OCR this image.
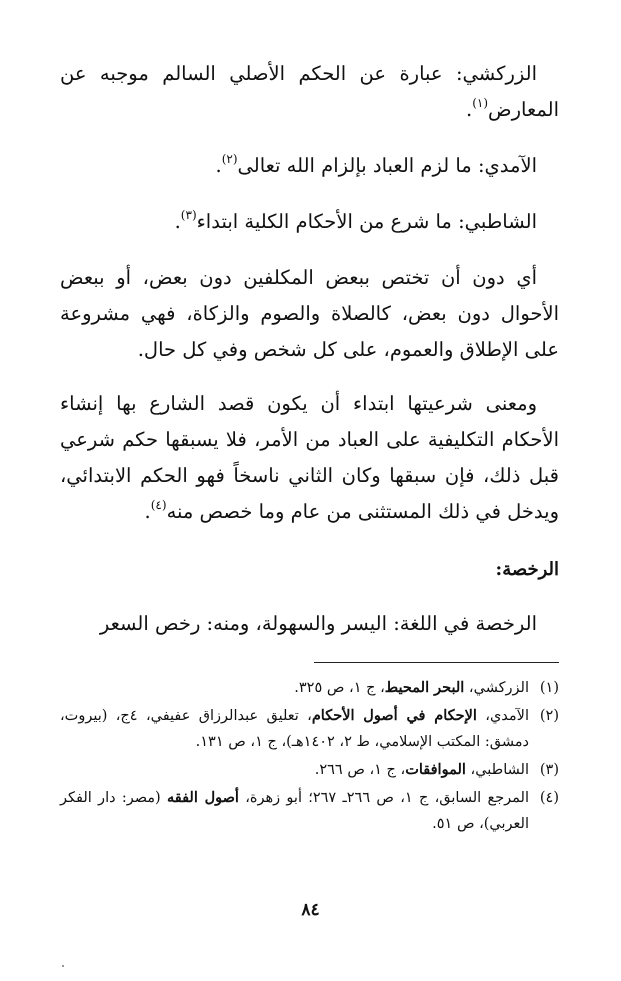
الزركشي: عبارة عن الحكم الأصلي السالم موجبه عن المعارض$^{(١)}$.

الآمدي: ما لزم العباد بإلزام الله تعالى$^{(٢)}$.

الشاطبي: ما شرع من الأحكام الكلية ابتداء$^{(٣)}$.

أي دون أن تختص ببعض المكلفين دون بعض، أو ببعض الأحوال دون بعض، كالصلاة والصوم والزكاة، فهي مشروعة على الإطلاق والعموم، على كل شخص وفي كل حال.

ومعنى شرعيتها ابتداء أن يكون قصد الشارع بها إنشاء الأحكام التكليفية على العباد من الأمر، فلا يسبقها حكم شرعي قبل ذلك، فإن سبقها وكان الثاني ناسخاً فهو الحكم الابتدائي، ويدخل في ذلك المستثنى من عام وما خصص منه$^{(٤)}$.

الرخصة:

الرخصة في اللغة: اليسر والسهولة، ومنه: رخص السعر

(١)
الزركشي، البحر المحيط، ج ١، ص ٣٢٥.
(٢)
الآمدي، الإحكام في أصول الأحكام، تعليق عبدالرزاق عفيفي، ٤ج، (بيروت، دمشق: المكتب الإسلامي، ط ٢، ١٤٠٢هـ)، ج ١، ص ١٣١.
(٣)
الشاطبي، الموافقات، ج ١، ص ٢٦٦.
(٤)
المرجع السابق، ج ١، ص ٢٦٦ـ ٢٦٧؛ أبو زهرة، أصول الفقه (مصر: دار الفكر العربي)، ص ٥١.
٨٤
